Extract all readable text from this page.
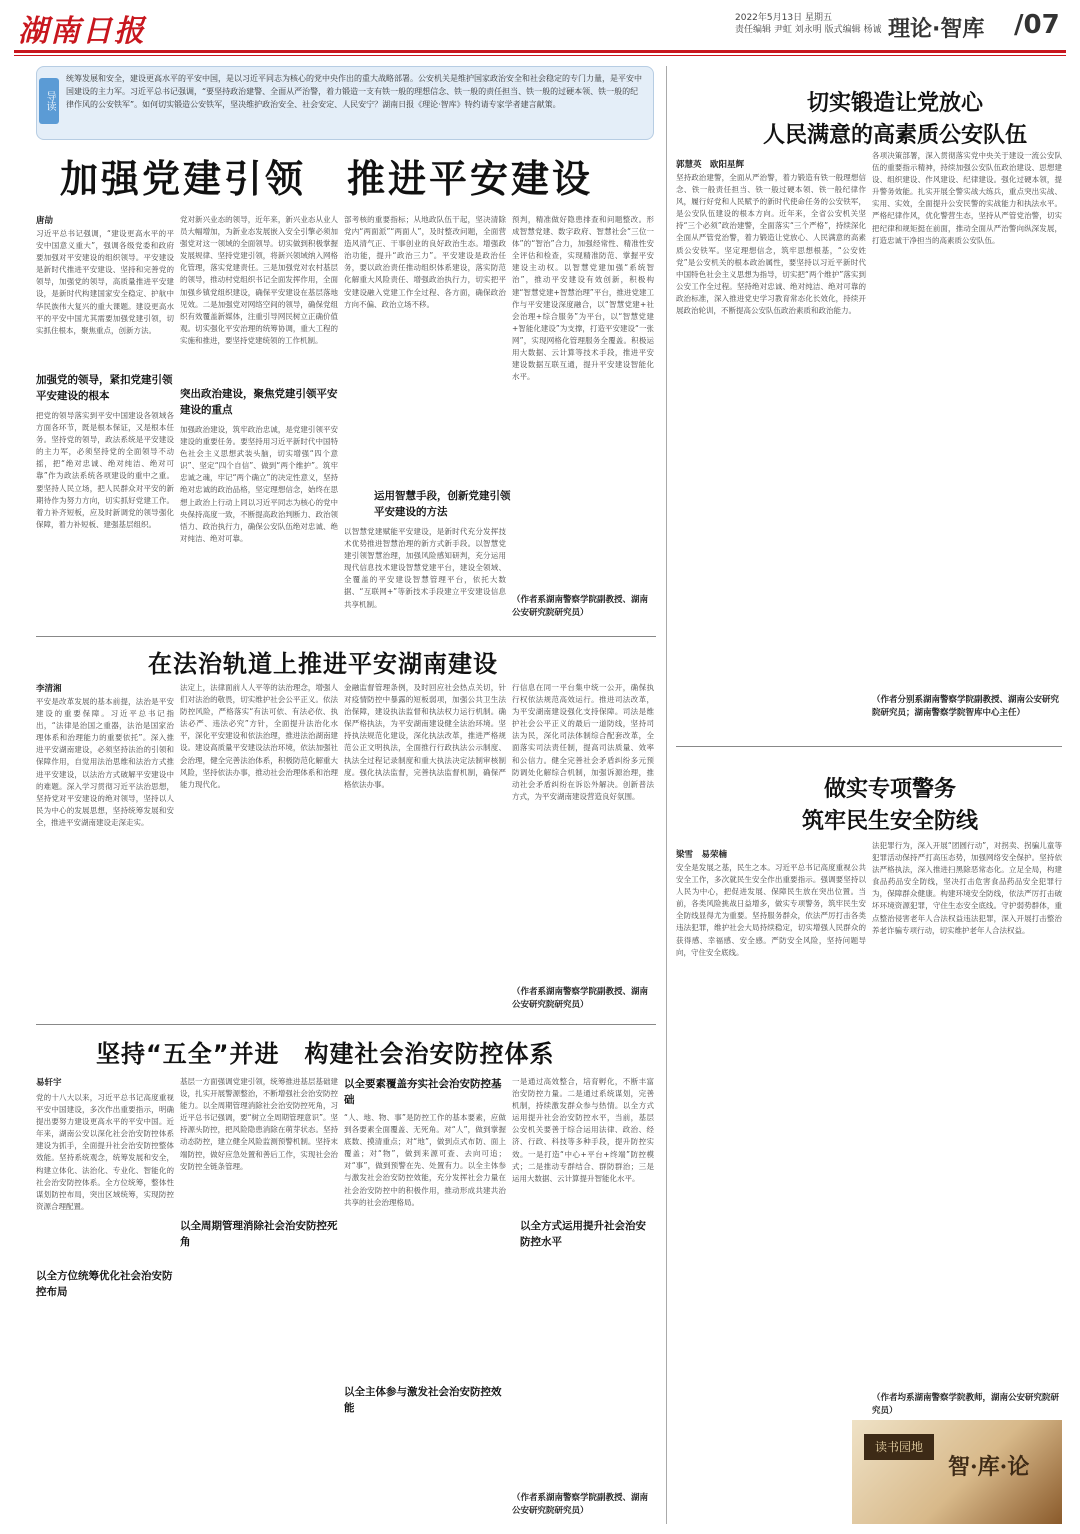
湖南日报	2022年5月13日 星期五
责任编辑 尹虹 刘永明 版式编辑 杨诚 理论·智库 /07
导读
统筹发展和安全，建设更高水平的平安中国，是以习近平同志为核心的党中央作出的重大战略部署。公安机关是维护国家政治安全和社会稳定的专门力量，是平安中国建设的主力军。习近平总书记强调，“要坚持政治建警、全面从严治警，着力锻造一支有铁一般的理想信念、铁一般的责任担当、铁一般的过硬本领、铁一般的纪律作风的公安铁军”。如何切实锻造公安铁军，坚决维护政治安全、社会安定、人民安宁？湖南日报《理论·智库》特约请专家学者建言献策。
加强党建引领　推进平安建设
唐劼
习近平总书记强调，“建设更高水平的平安中国意义重大”，强调各级党委和政府要加强对平安建设的组织领导。平安建设是新时代推进平安建设、坚持和完善党的领导，加强党的领导，高质量推进平安建设，是新时代构建国家安全稳定、护航中华民族伟大复兴的重大课题。建设更高水平的平安中国尤其需要加强党建引领，切实抓住根本，聚焦重点，创新方法。
加强党的领导，紧扣党建引领平安建设的根本
把党的领导落实到平安中国建设各领域各方面各环节，既是根本保证，又是根本任务。坚持党的领导，政法系统是平安建设的主力军，必须坚持党的全面领导不动摇，把“绝对忠诚、绝对纯洁、绝对可靠”作为政法系统各项建设的重中之重。要坚持人民立场，把人民群众对平安的新期待作为努力方向，切实抓好党建工作。着力补齐短板，应及时新调党的领导强化保障，着力补短板、建强基层组织。
党对新兴业态的领导，近年来，新兴业态从业人员大幅增加，为新业态发展嵌入安全引擎必须加强党对这一领域的全面领导。切实做到积极掌握发展规律、坚持党建引领，将新兴领域纳入网格化管理，落实党建责任。三是加强党对农村基层的领导，推动村党组织书记全面发挥作用，全面加强乡镇党组织建设，确保平安建设在基层落地见效。二是加强党对网络空间的领导，确保党组织有效覆盖新媒体，注重引导网民树立正确价值观。切实强化平安治理的统筹协调，重大工程的实施和推进，要坚持党建统领的工作机制。
突出政治建设，聚焦党建引领平安建设的重点
加强政治建设，筑牢政治忠诚，是党建引领平安建设的重要任务。要坚持用习近平新时代中国特色社会主义思想武装头脑，切实增强“四个意识”、坚定“四个自信”、做到“两个维护”。筑牢忠诚之魂，牢记“两个确立”的决定性意义，坚持绝对忠诚的政治品格，坚定理想信念，始终在思想上政治上行动上同以习近平同志为核心的党中央保持高度一致，不断提高政治判断力、政治领悟力、政治执行力，确保公安队伍绝对忠诚、绝对纯洁、绝对可靠。
部考核的重要指标；从地政队伍干起，坚决清除党内“两面派”“两面人”，及时整改问题，全面营造风清气正、干事创业的良好政治生态。增强政治功能，提升“政治三力”。平安建设是政治任务，要以政治责任推动组织体系建设，落实防范化解重大风险责任、增强政治执行力，切实把平安建设融入党建工作全过程、各方面，确保政治方向不偏、政治立场不移。
运用智慧手段，创新党建引领平安建设的方法
以智慧党建赋能平安建设，是新时代充分发挥技术优势推进智慧治理的新方式新手段。以智慧党建引领智慧治理，加强风险感知研判，充分运用现代信息技术建设智慧党建平台，建设全领域、全覆盖的平安建设智慧管理平台，依托大数据、“互联网+”等新技术手段建立平安建设信息共享机制。
预判，精准做好隐患排查和问题整改。形成智慧党建、数字政府、智慧社会“三位一体”的“智治”合力，加强经常性、精准性安全评估和检查，实现精准防范、掌握平安建设主动权。以智慧党建加强“系统智治”，推动平安建设有效创新，积极构建“智慧党建+智慧治理”平台，推进党建工作与平安建设深度融合，以“智慧党建+社会治理+综合服务”为平台，以“智慧党建+智能化建设”为支撑，打造平安建设“一张网”，实现网格化管理服务全覆盖。积极运用大数据、云计算等技术手段，推进平安建设数据互联互通，提升平安建设智能化水平。
（作者系湖南警察学院副教授、湖南公安研究院研究员）
在法治轨道上推进平安湖南建设
李清湘
平安是改革发展的基本前提，法治是平安建设的重要保障。习近平总书记指出，“法律是治国之重器，法治是国家治理体系和治理能力的重要依托”。深入推进平安湖南建设，必须坚持法治的引领和保障作用，自觉用法治思维和法治方式推进平安建设，以法治方式破解平安建设中的难题。深入学习贯彻习近平法治思想，坚持党对平安建设的绝对领导，坚持以人民为中心的发展思想，坚持统筹发展和安全，推进平安湖南建设走深走实。
法定上，法律面前人人平等的法治理念，增强人们对法治的敬畏，切实维护社会公平正义。依法防控风险，严格落实“有法可依、有法必依、执法必严、违法必究”方针，全面提升法治化水平，深化平安建设和依法治理，推进法治湖南建设。建设高质量平安建设法治环境，依法加强社会治理，健全完善法治体系，积极防范化解重大风险，坚持依法办事，推动社会治理体系和治理能力现代化。
金融监督管理条例，及时回应社会热点关切，针对疫情防控中暴露的短板弱项，加强公共卫生法治保障，建设执法监督和执法权力运行机制。确保严格执法，为平安湖南建设健全法治环境。坚持执法规范化建设，深化执法改革，推进严格规范公正文明执法，全面推行行政执法公示制度、执法全过程记录制度和重大执法决定法制审核制度。强化执法监督，完善执法监督机制，确保严格依法办事。
行信息在同一平台集中统一公开，确保执行权依法规范高效运行。推进司法改革，为平安湖南建设强化支持保障。司法是维护社会公平正义的最后一道防线，坚持司法为民，深化司法体制综合配套改革，全面落实司法责任制，提高司法质量、效率和公信力。健全完善社会矛盾纠纷多元预防调处化解综合机制，加强诉源治理，推动社会矛盾纠纷在诉讼外解决。创新普法方式，为平安湖南建设营造良好氛围。
（作者系湖南警察学院副教授、湖南公安研究院研究员）
坚持“五全”并进　构建社会治安防控体系
易轩宇
党的十八大以来，习近平总书记高度重视平安中国建设，多次作出重要指示，明确提出要努力建设更高水平的平安中国。近年来，湖南公安以深化社会治安防控体系建设为抓手，全面提升社会治安防控整体效能。坚持系统观念，统筹发展和安全，构建立体化、法治化、专业化、智能化的社会治安防控体系。全方位统筹，整体性谋划防控布局，突出区域统筹，实现防控资源合理配置。
以全方位统筹优化社会治安防控布局
基层一方面强调党建引领，统筹推进基层基础建设，扎实开展警源整治，不断增强社会治安防控能力。以全周期管理消除社会治安防控死角，习近平总书记强调，要“树立全周期管理意识”。坚持源头防控，把风险隐患消除在萌芽状态。坚持动态防控，建立健全风险监测预警机制。坚持末端防控，做好应急处置和善后工作，实现社会治安防控全链条管理。
以全周期管理消除社会治安防控死角
以全要素覆盖夯实社会治安防控基础
“人、地、物、事”是防控工作的基本要素，应做到各要素全面覆盖、无死角。对“人”，做到掌握底数、摸清重点；对“地”，做到点式布防、面上覆盖；对“物”，做到来源可查、去向可追；对“事”，做到预警在先、处置有力。以全主体参与激发社会治安防控效能，充分发挥社会力量在社会治安防控中的积极作用，推动形成共建共治共享的社会治理格局。
以全主体参与激发社会治安防控效能
一是通过高效整合，培育孵化，不断丰富治安防控力量。二是通过系统谋划，完善机制，持续激发群众参与热情。以全方式运用提升社会治安防控水平，当前，基层公安机关要善于综合运用法律、政治、经济、行政、科技等多种手段，提升防控实效。一是打造“中心+平台+终端”防控模式；二是推动专群结合、群防群治；三是运用大数据、云计算提升智能化水平。
以全方式运用提升社会治安防控水平
（作者系湖南警察学院副教授、湖南公安研究院研究员）
切实锻造让党放心
人民满意的高素质公安队伍
郭慧英　欧阳星辉
坚持政治建警，全面从严治警，着力锻造有铁一般理想信念、铁一般责任担当、铁一般过硬本领、铁一般纪律作风，履行好党和人民赋予的新时代使命任务的公安铁军，是公安队伍建设的根本方向。近年来，全省公安机关坚持“三个必须”政治建警，全面落实“三个严格”，持续深化全面从严管党治警，着力锻造让党放心、人民满意的高素质公安铁军。坚定理想信念，筑牢思想根基，“公安姓党”是公安机关的根本政治属性，要坚持以习近平新时代中国特色社会主义思想为指导，切实把“两个维护”落实到公安工作全过程。坚持绝对忠诚、绝对纯洁、绝对可靠的政治标准，深入推进党史学习教育常态化长效化，持续开展政治轮训，不断提高公安队伍政治素质和政治能力。
各项决策部署，深入贯彻落实党中央关于建设一流公安队伍的重要指示精神，持续加强公安队伍政治建设、思想建设、组织建设、作风建设、纪律建设。强化过硬本领，提升警务效能。扎实开展全警实战大练兵，重点突出实战、实用、实效，全面提升公安民警的实战能力和执法水平。严格纪律作风，优化警营生态，坚持从严管党治警，切实把纪律和规矩挺在前面，推动全面从严治警向纵深发展，打造忠诚干净担当的高素质公安队伍。
（作者分别系湖南警察学院副教授、湖南公安研究院研究员；湖南警察学院智库中心主任）
做实专项警务
筑牢民生安全防线
梁雪　易荣楠
安全是发展之基，民生之本。习近平总书记高度重视公共安全工作，多次就民生安全作出重要指示。强调要坚持以人民为中心，把促进发展、保障民生放在突出位置。当前，各类风险挑战日益增多，做实专项警务，筑牢民生安全防线显得尤为重要。坚持服务群众，依法严厉打击各类违法犯罪，维护社会大局持续稳定，切实增强人民群众的获得感、幸福感、安全感。严防安全风险，坚持问题导向，守住安全底线。
法犯罪行为，深入开展“团圆行动”，对拐卖、拐骗儿童等犯罪活动保持严打高压态势，加强网络安全保护。坚持依法严格执法，深入推进扫黑除恶常态化。立足全局，构建食品药品安全防线，坚决打击危害食品药品安全犯罪行为，保障群众健康。构建环境安全防线，依法严厉打击破坏环境资源犯罪，守住生态安全底线。守护弱势群体，重点整治侵害老年人合法权益违法犯罪，深入开展打击整治养老诈骗专项行动，切实维护老年人合法权益。
（作者均系湖南警察学院教师，湖南公安研究院研究员）
读书园地
智·库·论
